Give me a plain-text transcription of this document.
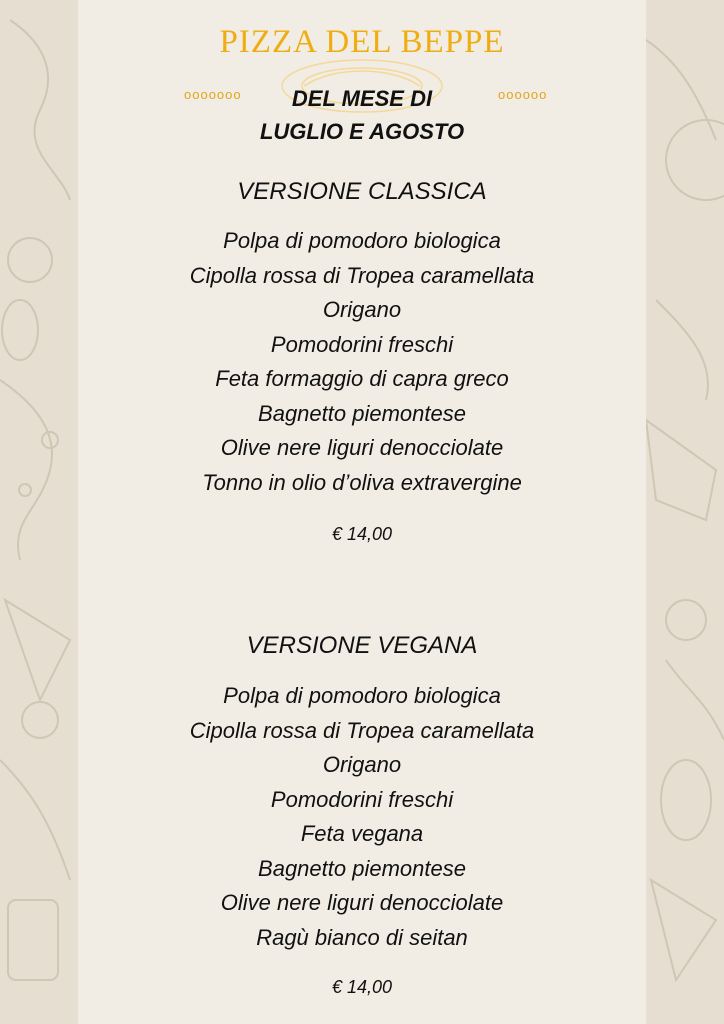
PIZZA DEL BEPPE
ooooooo	oooooo
DEL MESE DI
LUGLIO E AGOSTO
VERSIONE CLASSICA
Polpa di pomodoro biologica
Cipolla rossa di Tropea caramellata
Origano
Pomodorini freschi
Feta formaggio di capra greco
Bagnetto piemontese
Olive nere liguri denocciolate
Tonno in olio d’oliva extravergine
€ 14,00
VERSIONE VEGANA
Polpa di pomodoro biologica
Cipolla rossa di Tropea caramellata
Origano
Pomodorini freschi
Feta vegana
Bagnetto piemontese
Olive nere liguri denocciolate
Ragù bianco di seitan
€ 14,00
